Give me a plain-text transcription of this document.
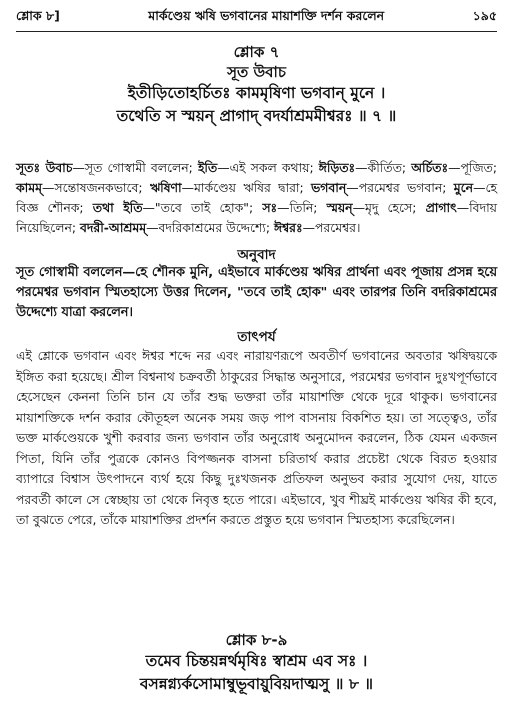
শ্লোক ৮]	মার্কণ্ডেয় ঋষি ভগবানের মায়াশক্তি দর্শন করলেন	১৯৫
শ্লোক ৭
সূত উবাচ
ইতীড়িতোহর্চিতঃ কামমৃষিণা ভগবান্ মুনে ।
তথেতি স স্ময়ন্ প্রাগাদ্ বদর্যাশ্রমমীশ্বরঃ ॥ ৭ ॥
সূতঃ উবাচ—সূত গোস্বামী বললেন; ইতি—এই সকল কথায়; ঈড়িতঃ—কীর্তিত; অর্চিতঃ—পূজিত; কামম্—সন্তোষজনকভাবে; ঋষিণা—মার্কণ্ডেয় ঋষির দ্বারা; ভগবান্—পরমেশ্বর ভগবান; মুনে—হে বিজ্ঞ শৌনক; তথা ইতি—"তবে তাই হোক"; সঃ—তিনি; স্ময়ন্—মৃদু হেসে; প্রাগাৎ—বিদায় নিয়েছিলেন; বদরী-আশ্রমম্—বদরিকাশ্রমের উদ্দেশ্যে; ঈশ্বরঃ—পরমেশ্বর।
অনুবাদ
সূত গোস্বামী বললেন—হে শৌনক মুনি, এইভাবে মার্কণ্ডেয় ঋষির প্রার্থনা এবং পূজায় প্রসন্ন হয়ে পরমেশ্বর ভগবান স্মিতহাস্যে উত্তর দিলেন, "তবে তাই হোক" এবং তারপর তিনি বদরিকাশ্রমের উদ্দেশ্যে যাত্রা করলেন।
তাৎপর্য
এই শ্লোকে ভগবান এবং ঈশ্বর শব্দে নর এবং নারায়ণরূপে অবতীর্ণ ভগবানের অবতার ঋষিদ্বয়কে ইঙ্গিত করা হয়েছে। শ্রীল বিশ্বনাথ চক্রবর্তী ঠাকুরের সিদ্ধান্ত অনুসারে, পরমেশ্বর ভগবান দুঃখপূর্ণভাবে হেসেছেন কেননা তিনি চান যে তাঁর শুদ্ধ ভক্তরা তাঁর মায়াশক্তি থেকে দূরে থাকুক। ভগবানের মায়াশক্তিকে দর্শন করার কৌতূহল অনেক সময় জড় পাপ বাসনায় বিকশিত হয়। তা সত্ত্বেও, তাঁর ভক্ত মার্কণ্ডেয়কে খুশী করবার জন্য ভগবান তাঁর অনুরোধ অনুমোদন করলেন, ঠিক যেমন একজন পিতা, যিনি তাঁর পুত্রকে কোনও বিপজ্জনক বাসনা চরিতার্থ করার প্রচেষ্টা থেকে বিরত হওয়ার ব্যাপারে বিশ্বাস উৎপাদনে ব্যর্থ হয়ে কিছু দুঃখজনক প্রতিফল অনুভব করার সুযোগ দেয়, যাতে পরবর্তী কালে সে স্বেচ্ছায় তা থেকে নিবৃত্ত হতে পারে। এইভাবে, খুব শীঘ্রই মার্কণ্ডেয় ঋষির কী হবে, তা বুঝতে পেরে, তাঁকে মায়াশক্তির প্রদর্শন করতে প্রস্তুত হয়ে ভগবান স্মিতহাস্য করেছিলেন।
শ্লোক ৮-৯
তমেব চিন্তয়ন্নর্থমৃষিঃ স্বাশ্রম এব সঃ ।
বসন্নগ্ন্যর্কসোমাম্বুভূবায়ুবিয়দাত্মসু ॥ ৮ ॥
